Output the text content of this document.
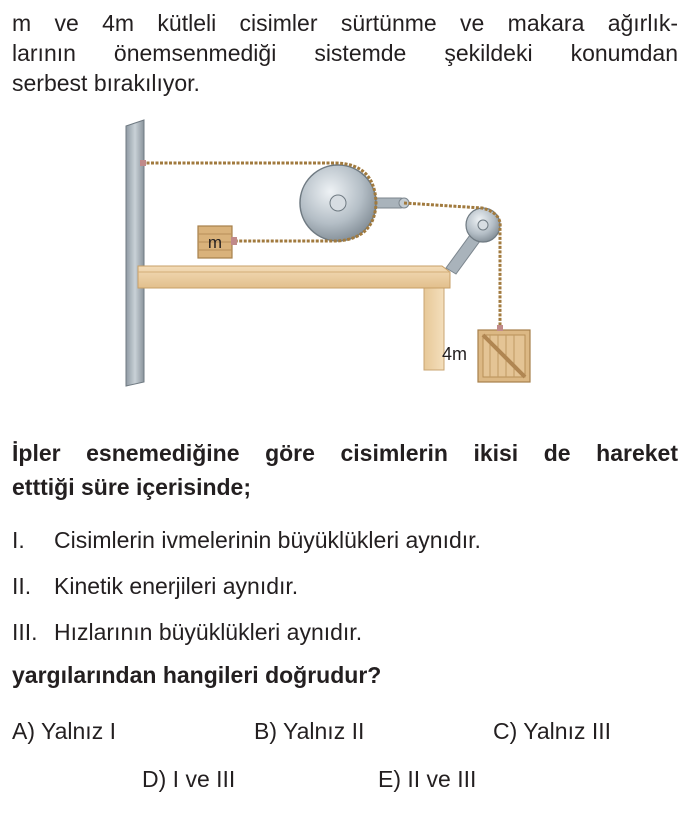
m ve 4m kütleli cisimler sürtünme ve makara ağırlık-
larının önemsenmediği sistemde şekildeki konumdan
serbest bırakılıyor.

m
4m

İpler esnemediğine göre cisimlerin ikisi de hareket
etttiği süre içerisinde;

I. Cisimlerin ivmelerinin büyüklükleri aynıdır.
II. Kinetik enerjileri aynıdır.
III. Hızlarının büyüklükleri aynıdır.
yargılarından hangileri doğrudur?
A) Yalnız I	B) Yalnız II	C) Yalnız III
D) I ve III	E) II ve III
